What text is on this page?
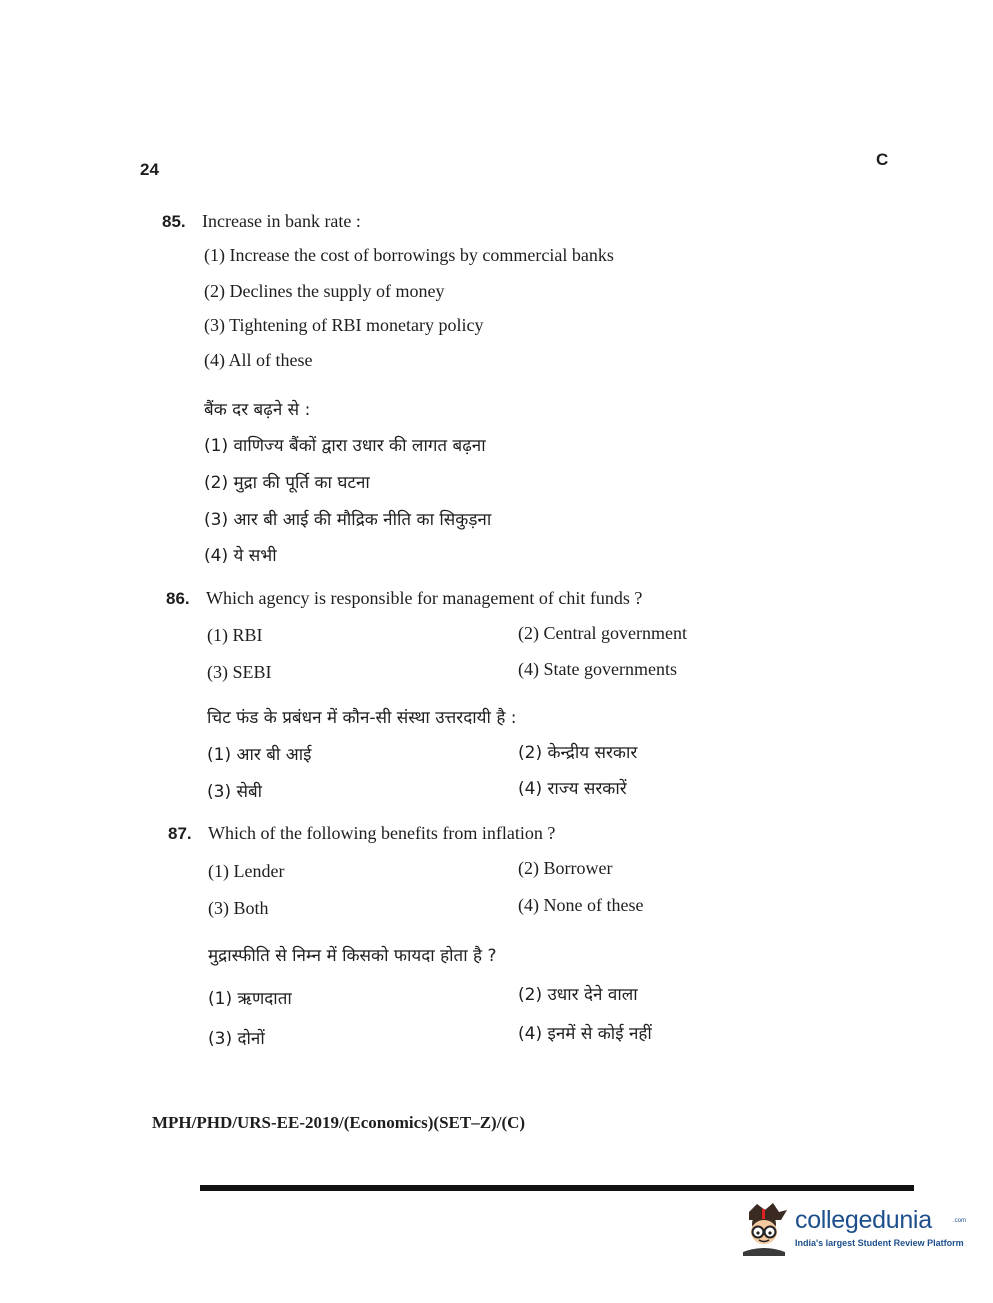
24
C
85. Increase in bank rate :
(1) Increase the cost of borrowings by commercial banks
(2) Declines the supply of money
(3) Tightening of RBI monetary policy
(4) All of these
बैंक दर बढ़ने से :
(1) वाणिज्य बैंकों द्वारा उधार की लागत बढ़ना
(2) मुद्रा की पूर्ति का घटना
(3) आर बी आई की मौद्रिक नीति का सिकुड़ना
(4) ये सभी
86. Which agency is responsible for management of chit funds ?
(1) RBI	(2) Central government
(3) SEBI	(4) State governments
चिट फंड के प्रबंधन में कौन-सी संस्था उत्तरदायी है :
(1) आर बी आई	(2) केन्द्रीय सरकार
(3) सेबी	(4) राज्य सरकारें
87. Which of the following benefits from inflation ?
(1) Lender	(2) Borrower
(3) Both	(4) None of these
मुद्रास्फीति से निम्न में किसको फायदा होता है ?
(1) ऋणदाता	(2) उधार देने वाला
(3) दोनों	(4) इनमें से कोई नहीं
MPH/PHD/URS-EE-2019/(Economics)(SET–Z)/(C)
collegedunia	.com
India's largest Student Review Platform
